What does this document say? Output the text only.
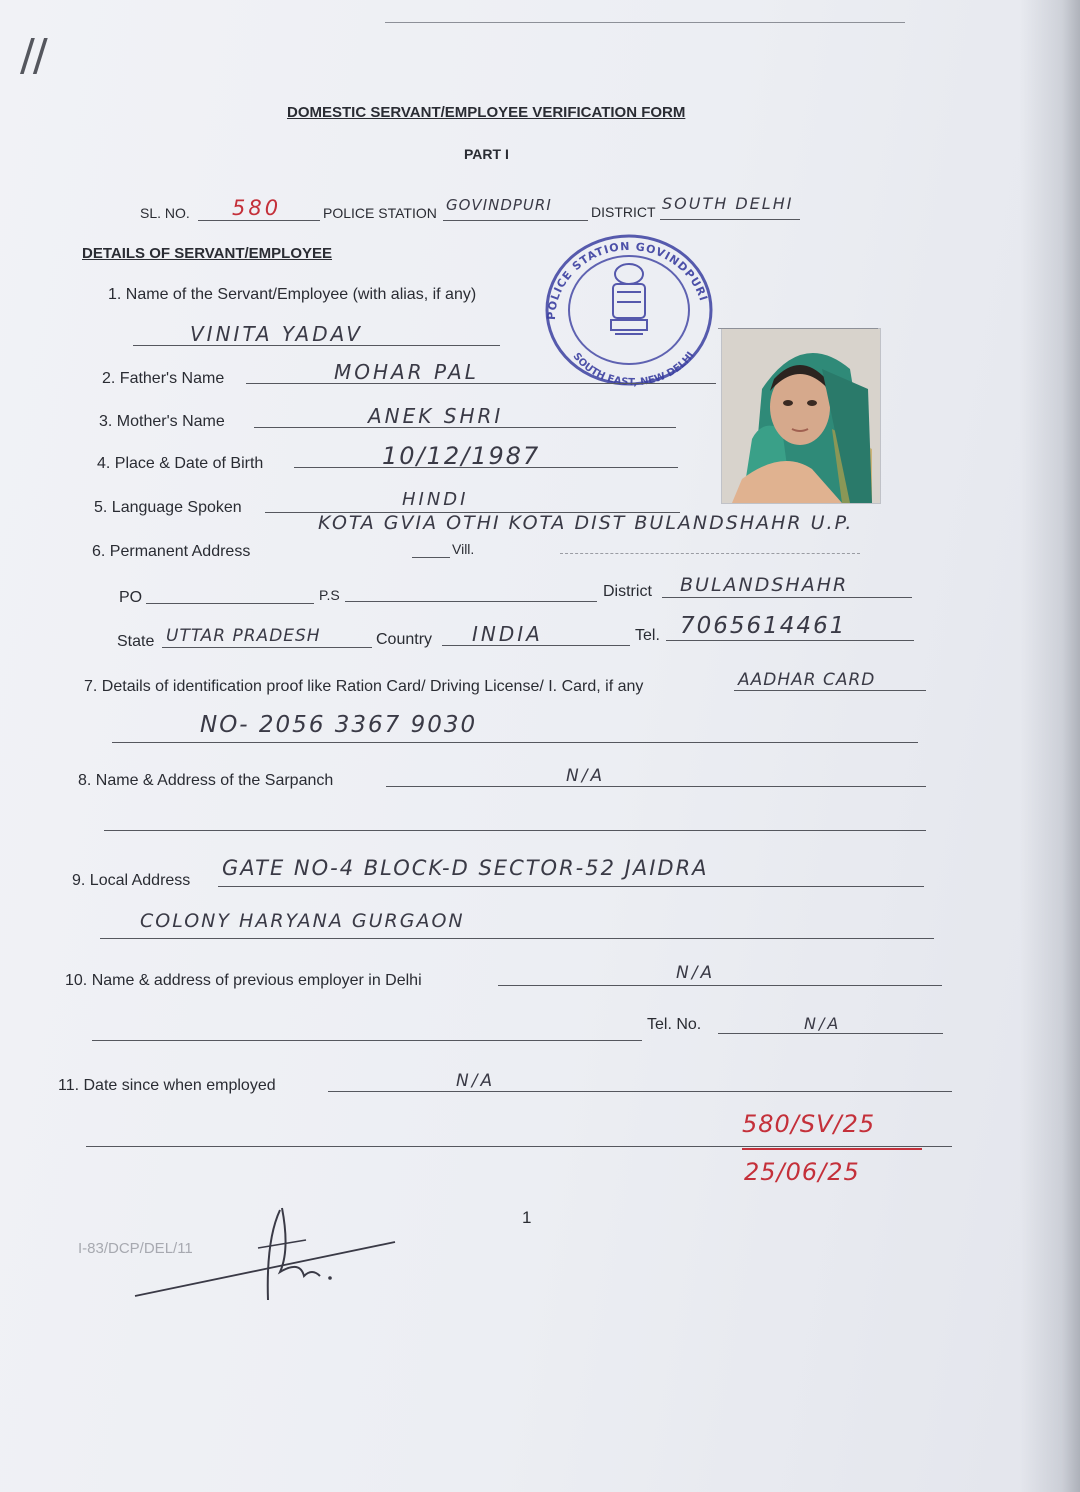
//
DOMESTIC SERVANT/EMPLOYEE VERIFICATION FORM
PART I
SL. NO. 580	POLICE STATION GOVINDPURI	DISTRICT SOUTH DELHI
DETAILS OF SERVANT/EMPLOYEE
POLICE STATION GOVINDPURI
SOUTH EAST, NEW DELHI
1. Name of the Servant/Employee (with alias, if any)
VINITA YADAV
2. Father's Name	MOHAR PAL
3. Mother's Name	ANEK SHRI
4. Place & Date of Birth	10/12/1987
5. Language Spoken	HINDI
6. Permanent Address
KOTA GVIA OTHI KOTA DIST BULANDSHAHR U.P.
Vill.
PO	P.S	District BULANDSHAHR
State UTTAR PRADESH	Country INDIA	Tel. 7065614461
7. Details of identification proof like Ration Card/ Driving License/ I. Card, if any	AADHAR CARD
NO- 2056 3367 9030
8. Name & Address of the Sarpanch	N/A
9. Local Address
GATE NO-4 BLOCK-D SECTOR-52 JAIDRA
COLONY HARYANA GURGAON
10. Name & address of previous employer in Delhi	N/A
Tel. No.	N/A
11. Date since when employed	N/A
580/SV/25
25/06/25
1
I-83/DCP/DEL/11
